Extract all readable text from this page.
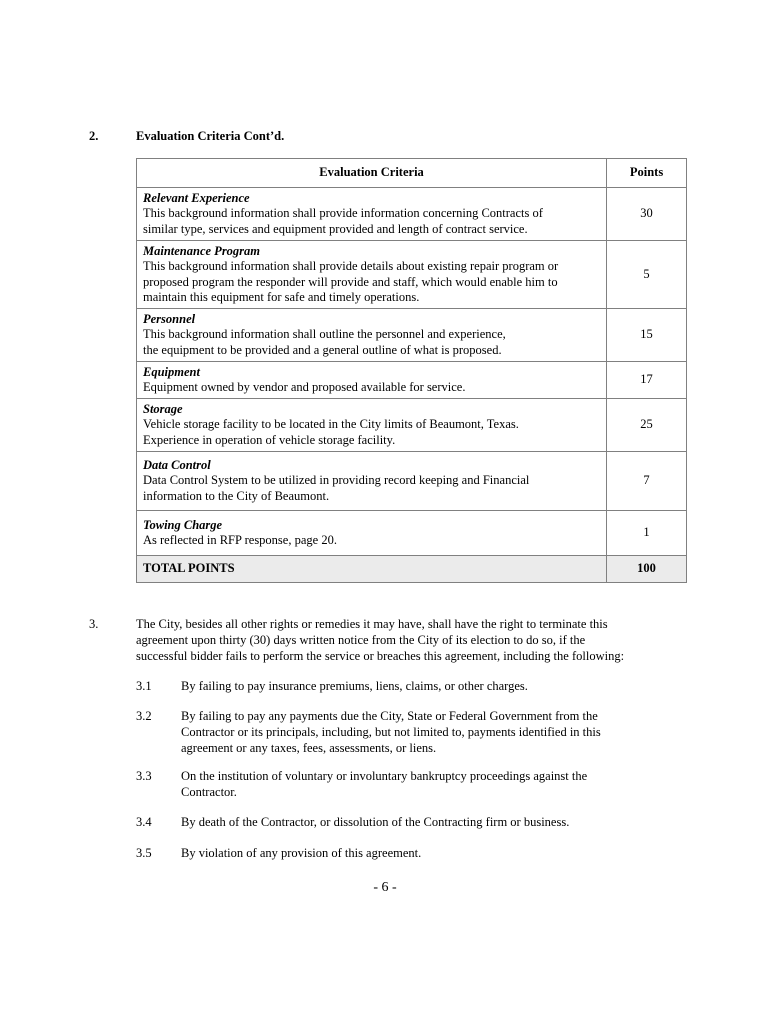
2.	Evaluation Criteria Cont’d.
Evaluation Criteria	Points

Relevant Experience
This background information shall provide information concerning Contracts of
similar type, services and equipment provided and length of contract service.	30

Maintenance Program
This background information shall provide details about existing repair program or
proposed program the responder will provide and staff, which would enable him to
maintain this equipment for safe and timely operations.	5

Personnel
This background information shall outline the personnel and experience,
the equipment to be provided and a general outline of what is proposed.	15

Equipment
Equipment owned by vendor and proposed available for service.	17

Storage
Vehicle storage facility to be located in the City limits of Beaumont, Texas.
Experience in operation of vehicle storage facility.	25

Data Control
Data Control System to be utilized in providing record keeping and Financial
information to the City of Beaumont.	7

Towing Charge
As reflected in RFP response, page 20.	1
TOTAL POINTS	100
3.	The City, besides all other rights or remedies it may have, shall have the right to terminate this
agreement upon thirty (30) days written notice from the City of its election to do so, if the
successful bidder fails to perform the service or breaches this agreement, including the following:
3.1 By failing to pay insurance premiums, liens, claims, or other charges.
3.2 By failing to pay any payments due the City, State or Federal Government from the
Contractor or its principals, including, but not limited to, payments identified in this
agreement or any taxes, fees, assessments, or liens.
3.3 On the institution of voluntary or involuntary bankruptcy proceedings against the
Contractor.
3.4 By death of the Contractor, or dissolution of the Contracting firm or business.
3.5 By violation of any provision of this agreement.
- 6 -
